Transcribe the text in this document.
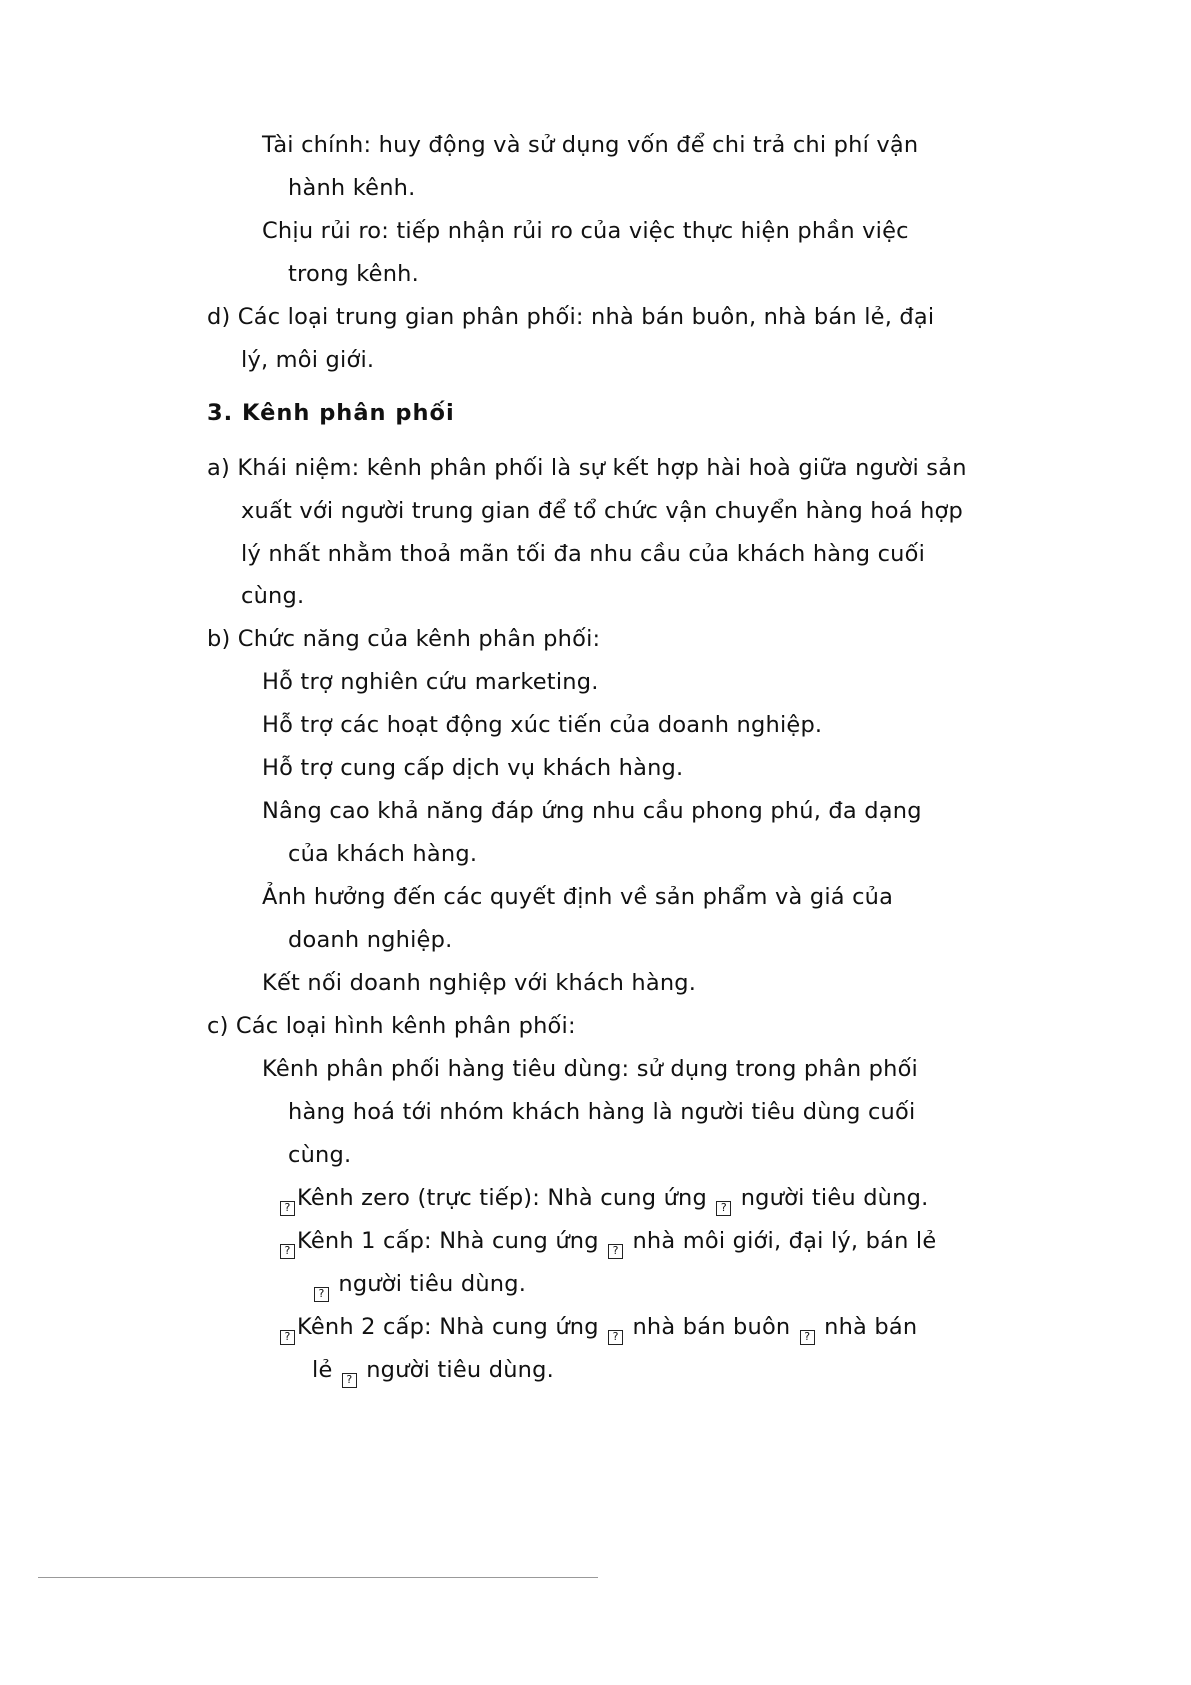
Tài chính: huy động và sử dụng vốn để chi trả chi phí vận
hành kênh.
Chịu rủi ro: tiếp nhận rủi ro của việc thực hiện phần việc
trong kênh.
d) Các loại trung gian phân phối: nhà bán buôn, nhà bán lẻ, đại
lý, môi giới.
3. Kênh phân phối
a) Khái niệm: kênh phân phối là sự kết hợp hài hoà giữa người sản
xuất với người trung gian để tổ chức vận chuyển hàng hoá hợp
lý nhất nhằm thoả mãn tối đa nhu cầu của khách hàng cuối
cùng.
b) Chức năng của kênh phân phối:
Hỗ trợ nghiên cứu marketing.
Hỗ trợ các hoạt động xúc tiến của doanh nghiệp.
Hỗ trợ cung cấp dịch vụ khách hàng.
Nâng cao khả năng đáp ứng nhu cầu phong phú, đa dạng
của khách hàng.
Ảnh hưởng đến các quyết định về sản phẩm và giá của
doanh nghiệp.
Kết nối doanh nghiệp với khách hàng.
c) Các loại hình kênh phân phối:
Kênh phân phối hàng tiêu dùng: sử dụng trong phân phối
hàng hoá tới nhóm khách hàng là người tiêu dùng cuối
cùng.
? Kênh zero (trực tiếp): Nhà cung ứng ? người tiêu dùng.
? Kênh 1 cấp: Nhà cung ứng ? nhà môi giới, đại lý, bán lẻ
? người tiêu dùng.
? Kênh 2 cấp: Nhà cung ứng ? nhà bán buôn ? nhà bán
lẻ ? người tiêu dùng.
